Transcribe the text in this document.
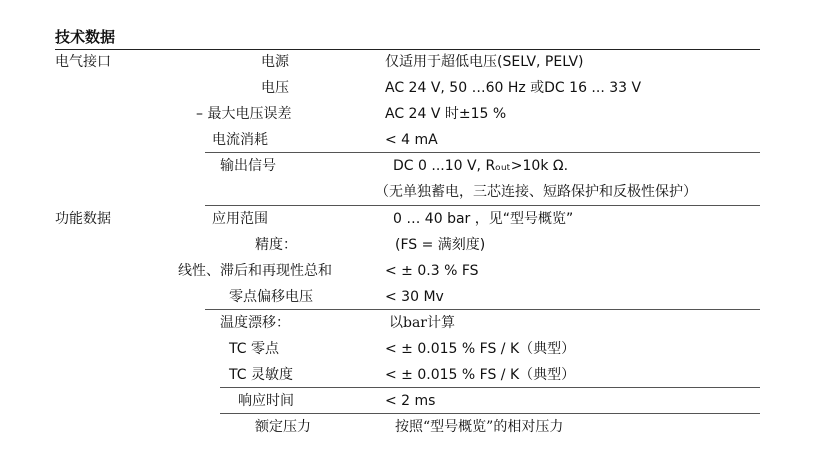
技术数据
电气接口
功能数据
电源
电压
– 最大电压误差
电流消耗
输出信号
应用范围
精度：
线性、滞后和再现性总和
零点偏移电压
温度漂移：
TC 零点
TC 灵敏度
响应时间
额定压力
仅适用于超低电压(SELV, PELV)
AC 24 V, 50 …60 Hz 或DC 16 ... 33 V
AC 24 V 时±15 %
< 4 mA
DC 0 ...10 V, Rₒᵤₜ>10k Ω.
（无单独蓄电，三芯连接、短路保护和反极性保护）
0 … 40 bar ，见“型号概览”
(FS = 满刻度)
< ± 0.3 % FS
< 30 Mv
以bar计算
< ± 0.015 % FS / K（典型）
< ± 0.015 % FS / K（典型）
< 2 ms
按照“型号概览”的相对压力
